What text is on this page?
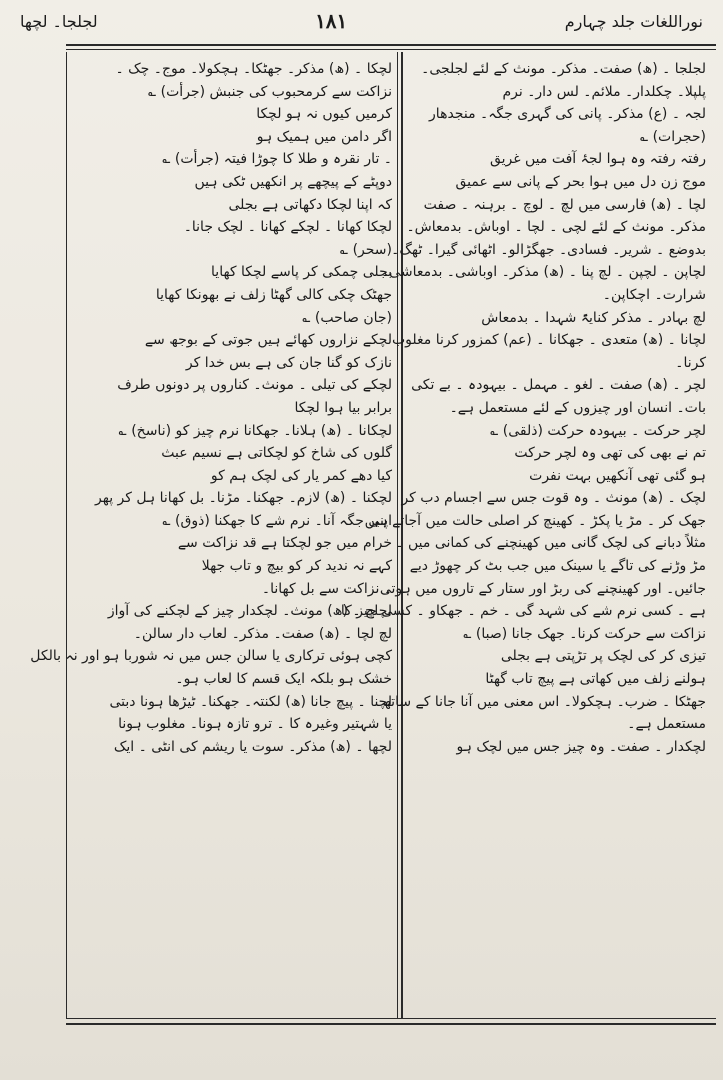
لجلجا۔ لچھا	۱۸۱	نوراللغات جلد چہارم
لجلجا ۔ (ھ) صفت۔ مذکر۔ مونث کے لئے لجلجی۔
پلپلا۔ چکلدار۔ ملائم۔ لس دار۔ نرم
لجہ ۔ (ع) مذکر۔ پانی کی گہری جگہ۔ منجدھار
(حجرات) ؎
رفتہ رفتہ وہ ہوا لجۂ آفت میں غریق
موج زن دل میں ہوا بحر کے پانی سے عمیق
لچا ۔ (ھ) فارسی میں لچ ۔ لوچ ۔ برہنہ ۔ صفت
مذکر۔ مونث کے لئے لچی ۔ لچا ۔ اوباش۔ بدمعاش۔
بدوضع ۔ شریر۔ فسادی۔ جھگڑالو۔ اٹھائی گیرا۔ ٹھگ۔
لچاپن ۔ لچپن ۔ لچ پنا ۔ (ھ) مذکر۔ اوباشی۔ بدمعاشی۔
شرارت۔ اچکاپن۔
لچ بہادر ۔ مذکر کنایۃً شہدا ۔ بدمعاش
لچانا ۔ (ھ) متعدی ۔ جھکانا ۔ (عم) کمزور کرنا مغلوب
کرنا۔
لچر ۔ (ھ) صفت ۔ لغو ۔ مہمل ۔ بیہودہ ۔ بے تکی
بات۔ انسان اور چیزوں کے لئے مستعمل ہے۔
لچر حرکت ۔ بیہودہ حرکت (ذلقی) ؎
تم نے بھی کی تھی وہ لچر حرکت
ہو گئی تھی آنکھیں بہت نفرت
لچک ۔ (ھ) مونث ۔ وہ قوت جس سے اجسام دب کر
جھک کر ۔ مڑ یا پکڑ ۔ کھینچ کر اصلی حالت میں آجاتے ہیں
مثلاً دبانے کی لچک گانی میں کھینچنے کی کمانی میں ۔
مڑ وڑنے کی تاگے یا سینک میں جب بٹ کر چھوڑ دیے
جائیں۔ اور کھینچنے کی ربڑ اور ستار کے تاروں میں ہوتی
ہے ۔ کسی نرم شے کی شہد گی ۔ خم ۔ جھکاو ۔ کسی چیز کا
نزاکت سے حرکت کرنا۔ جھک جانا (صبا) ؎
تیزی کر کی لچک پر تڑپتی ہے بجلی
ہولنے زلف میں کھاتی ہے پیچ تاب گھٹا
جھٹکا ۔ ضرب۔ ہچکولا۔ اس معنی میں آنا جانا کے ساتھ
مستعمل ہے۔
لچکدار ۔ صفت۔ وہ چیز جس میں لچک ہو
لچکا ۔ (ھ) مذکر۔ جھٹکا۔ ہچکولا۔ موج۔ چک ۔
نزاکت سے کرمحبوب کی جنبش (جرأت) ؎
کرمیں کیوں نہ ہو لچکا
اگر دامن میں ہمیک ہو
۔ تار نقرہ و طلا کا چوڑا فیتہ (جرأت) ؎
دوپٹے کے پیچھے پر انکھیں ٹکی ہیں
کہ اپنا لچکا دکھاتی ہے بجلی
لچکا کھانا ۔ لچکے کھانا ۔ لچک جانا۔
(سحر) ؎
بجلی چمکی کر پاسے لچکا کھایا
جھٹک چکی کالی گھٹا زلف نے بھونکا کھایا
(جان صاحب) ؎
لچکے نزاروں کھائے ہیں جوتی کے بوجھ سے
نازک کو گنا جان کی ہے بس خدا کر
لچکے کی تیلی ۔ مونث۔ کناروں پر دونوں طرف
برابر بیا ہوا لچکا
لچکانا ۔ (ھ) ہلانا۔ جھکانا نرم چیز کو (ناسخ) ؎
گلوں کی شاخ کو لچکاتی ہے نسیم عبث
کیا دھے کمر یار کی لچک ہم کو
لچکنا ۔ (ھ) لازم۔ جھکنا۔ مڑنا۔ بل کھانا ہل کر پھر
اپنی جگہ آنا۔ نرم شے کا جھکنا (ذوق) ؎
خرام میں جو لچکتا ہے قد نزاکت سے
کہے نہ ندید کر کو بیچ و تاب جھلا
۔ نزاکت سے بل کھانا۔
لچلچ ۔ (ھ) مونث۔ لچکدار چیز کے لچکنے کی آواز
لچ لچا ۔ (ھ) صفت۔ مذکر۔ لعاب دار سالن۔
کچی ہوئی ترکاری یا سالن جس میں نہ شوربا ہو اور نہ بالکل
خشک ہو بلکہ ایک قسم کا لعاب ہو۔
لچنا ۔ پیچ جانا (ھ) لکنتہ۔ جھکنا۔ ٹیڑھا ہونا دبتی
یا شہتیر وغیرہ کا ۔ ترو تازہ ہونا۔ مغلوب ہونا
لچھا ۔ (ھ) مذکر۔ سوت یا ریشم کی انٹی ۔ ایک
